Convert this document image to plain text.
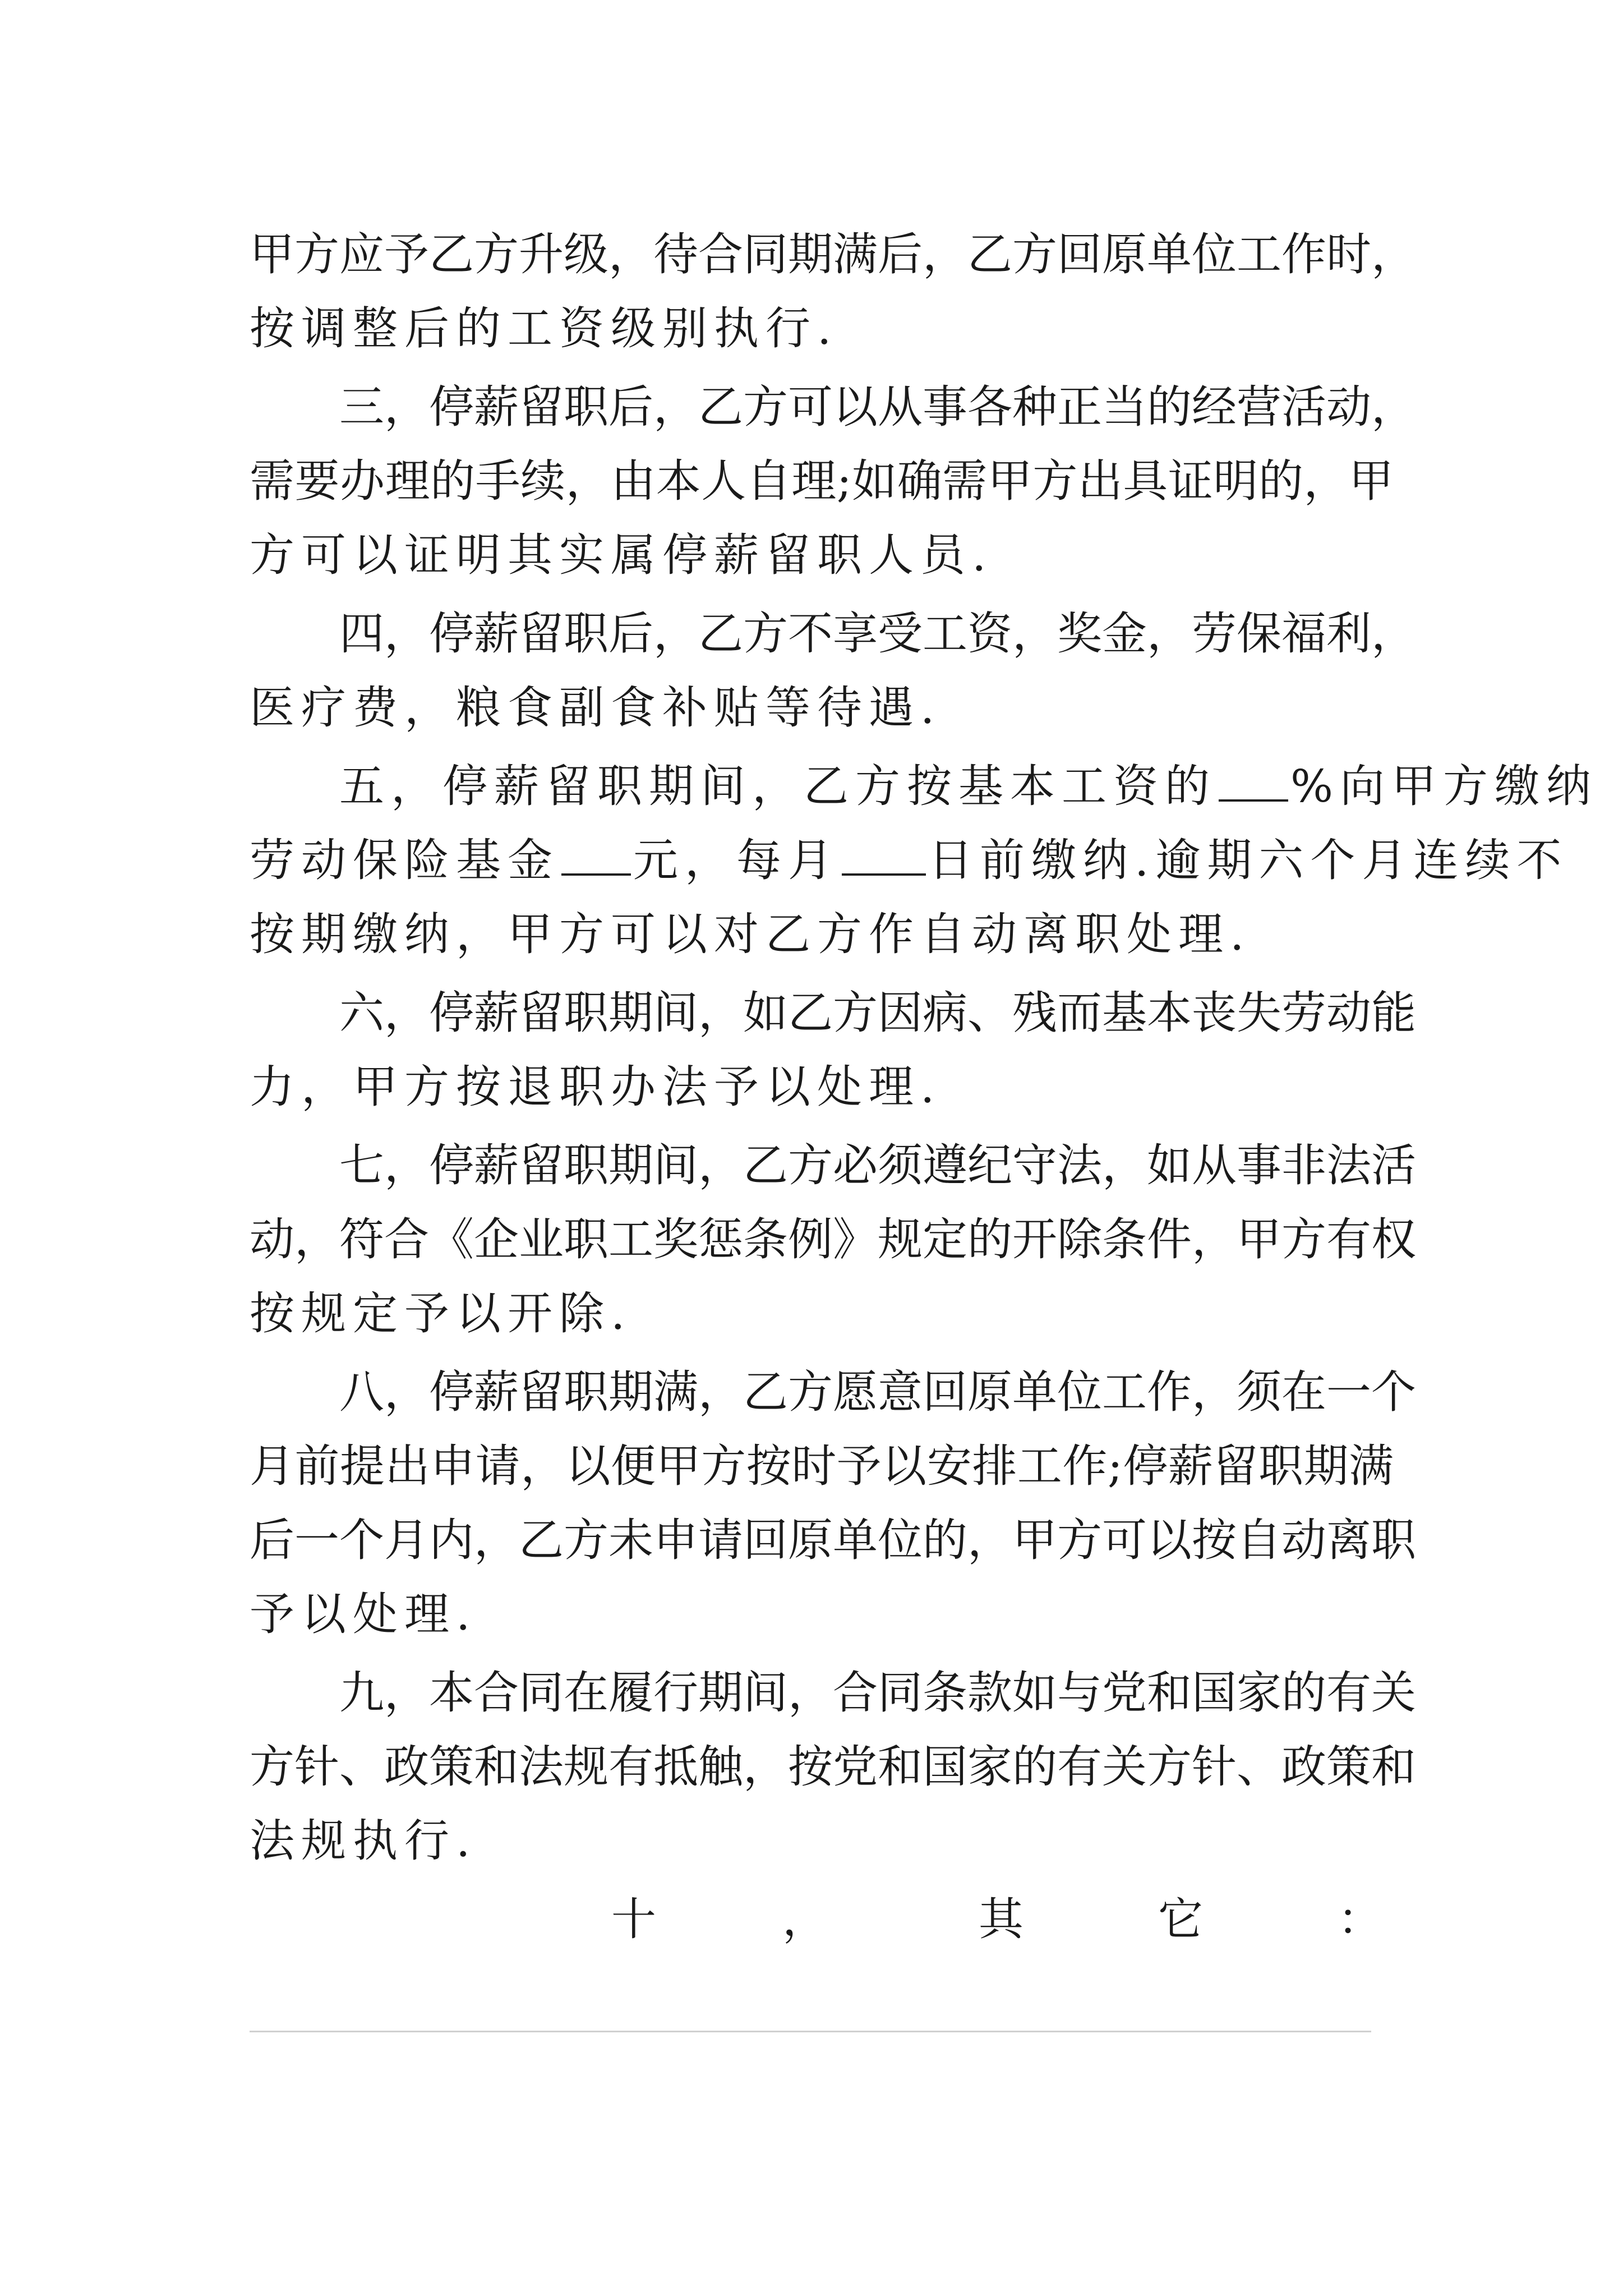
甲方应予乙方升级，待合同期满后，乙方回原单位工作时，
按调整后的工资级别执行.
三，停薪留职后，乙方可以从事各种正当的经营活动，
需要办理的手续，由本人自理;如确需甲方出具证明的，甲
方可以证明其实属停薪留职人员.
四，停薪留职后，乙方不享受工资，奖金，劳保福利，
医疗费，粮食副食补贴等待遇.
五，停薪留职期间，乙方按基本工资的 %向甲方缴纳
劳动保险基金 元，每月 日前缴纳.逾期六个月连续不
按期缴纳，甲方可以对乙方作自动离职处理.
六，停薪留职期间，如乙方因病、残而基本丧失劳动能
力，甲方按退职办法予以处理.
七，停薪留职期间，乙方必须遵纪守法，如从事非法活
动，符合《企业职工奖惩条例》规定的开除条件，甲方有权
按规定予以开除.
八，停薪留职期满，乙方愿意回原单位工作，须在一个
月前提出申请，以便甲方按时予以安排工作;停薪留职期满
后一个月内，乙方未申请回原单位的，甲方可以按自动离职
予以处理.
九，本合同在履行期间，合同条款如与党和国家的有关
方针、政策和法规有抵触，按党和国家的有关方针、政策和
法规执行.
十	，	其	它	：
